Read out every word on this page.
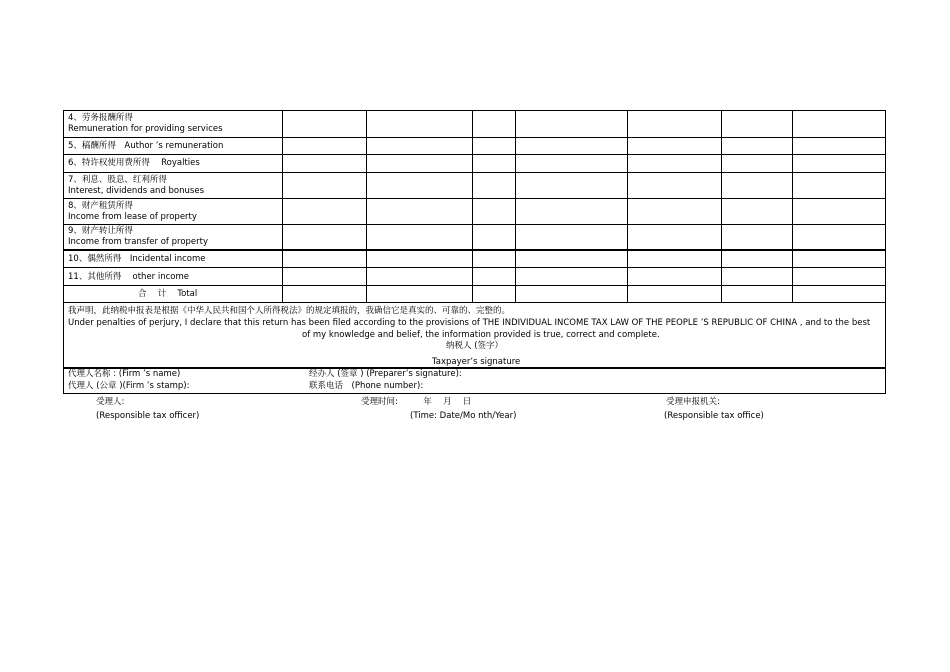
4、劳务报酬所得
Remuneration for providing services
5、稿酬所得　Author ’s remuneration
6、特许权使用费所得　 Royalties
7、利息、股息、红利所得
Interest, dividends and bonuses
8、财产租赁所得
Income from lease of property
9、财产转让所得
Income from transfer of property
10、偶然所得　Incidental income
11、其他所得　 other income
合　 计　 Total
我声明，此纳税申报表是根据《中华人民共和国个人所得税法》的规定填报的，我确信它是真实的、可靠的、完整的。
Under penalties of perjury, I declare that this return has been filed according to the provisions of THE INDIVIDUAL INCOME TAX LAW OF THE PEOPLE ’S REPUBLIC OF CHINA , and to the best
of my knowledge and belief, the information provided is true, correct and complete.
纳税人 (签字）
Taxpayer’s signature
代理人名称 : (Firm ’s name)
代理人 (公章 )(Firm ’s stamp):
经办人 (签章 ) (Preparer’s signature):
联系电话　(Phone number):
受理人:
(Responsible tax officer)
受理时间:　　　年　 月　 日
(Time: Date/Mo nth/Year)
受理申报机关:
(Responsible tax office)
